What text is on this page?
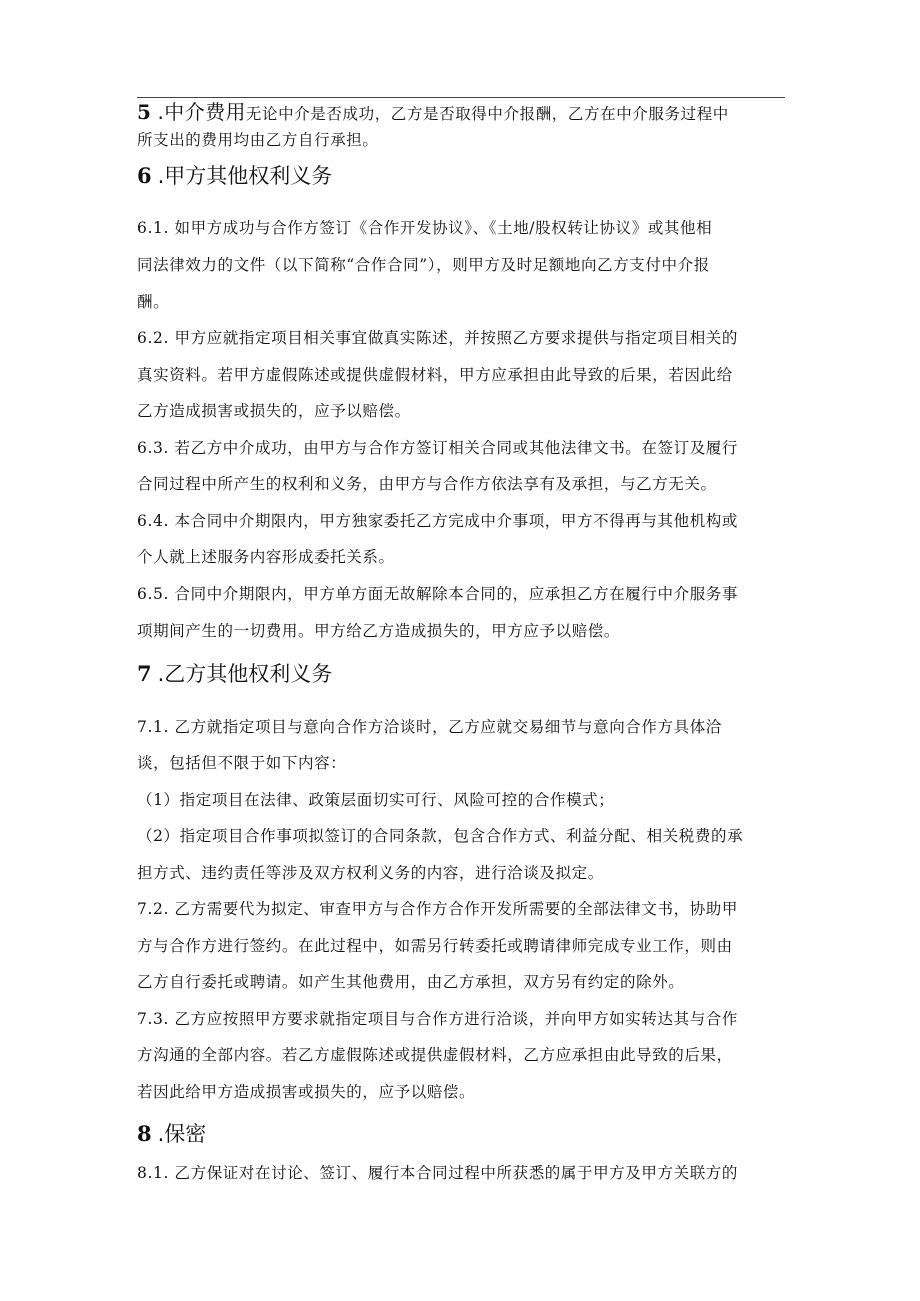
5 .中介费用无论中介是否成功，乙方是否取得中介报酬，乙方在中介服务过程中
所支出的费用均由乙方自行承担。
6 .甲方其他权利义务
6.1. 如甲方成功与合作方签订《合作开发协议》、《土地/股权转让协议》或其他相
同法律效力的文件（以下简称“合作合同”），则甲方及时足额地向乙方支付中介报
酬。
6.2. 甲方应就指定项目相关事宜做真实陈述，并按照乙方要求提供与指定项目相关的
真实资料。若甲方虚假陈述或提供虚假材料，甲方应承担由此导致的后果，若因此给
乙方造成损害或损失的，应予以赔偿。
6.3. 若乙方中介成功，由甲方与合作方签订相关合同或其他法律文书。在签订及履行
合同过程中所产生的权利和义务，由甲方与合作方依法享有及承担，与乙方无关。
6.4. 本合同中介期限内，甲方独家委托乙方完成中介事项，甲方不得再与其他机构或
个人就上述服务内容形成委托关系。
6.5. 合同中介期限内，甲方单方面无故解除本合同的，应承担乙方在履行中介服务事
项期间产生的一切费用。甲方给乙方造成损失的，甲方应予以赔偿。
7 .乙方其他权利义务
7.1. 乙方就指定项目与意向合作方洽谈时，乙方应就交易细节与意向合作方具体洽
谈，包括但不限于如下内容：
（1）指定项目在法律、政策层面切实可行、风险可控的合作模式；
（2）指定项目合作事项拟签订的合同条款，包含合作方式、利益分配、相关税费的承
担方式、违约责任等涉及双方权利义务的内容，进行洽谈及拟定。
7.2. 乙方需要代为拟定、审查甲方与合作方合作开发所需要的全部法律文书，协助甲
方与合作方进行签约。在此过程中，如需另行转委托或聘请律师完成专业工作，则由
乙方自行委托或聘请。如产生其他费用，由乙方承担，双方另有约定的除外。
7.3. 乙方应按照甲方要求就指定项目与合作方进行洽谈，并向甲方如实转达其与合作
方沟通的全部内容。若乙方虚假陈述或提供虚假材料，乙方应承担由此导致的后果，
若因此给甲方造成损害或损失的，应予以赔偿。
8 .保密
8.1. 乙方保证对在讨论、签订、履行本合同过程中所获悉的属于甲方及甲方关联方的
